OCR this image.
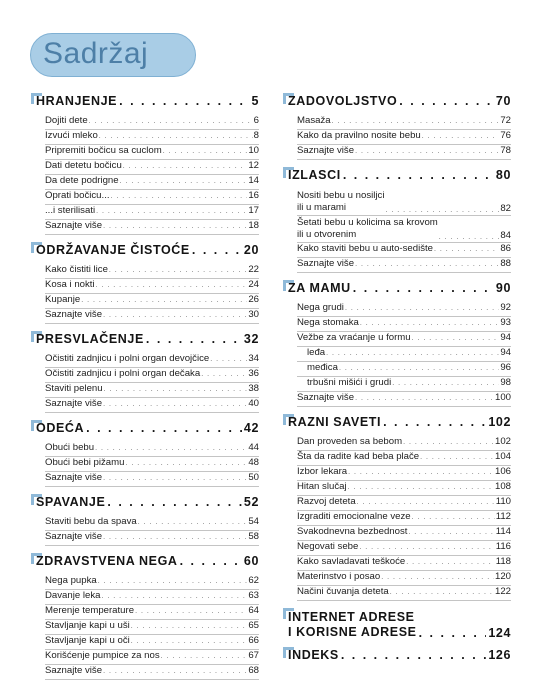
Sadržaj
HRANJENJE . . .	5
Dojiti dete . . .	6
Izvući mleko . . .	8
Pripremiti bočicu sa cuclom . . .	10
Dati detetu bočicu . . .	12
Da dete podrigne . . .	14
Oprati bočicu... . . .	16
...i sterilisati . . .	17
Saznajte više . . .	18
ODRŽAVANJE ČISTOĆE . . .	20
Kako čistiti lice . . .	22
Kosa i nokti . . .	24
Kupanje . . .	26
Saznajte više . . .	30
PRESVLAČENJE . . .	32
Očistiti zadnjicu i polni organ devojčice . . .	34
Očistiti zadnjicu i polni organ dečaka . . .	36
Staviti pelenu . . .	38
Saznajte više . . .	40
ODEĆA . . .	42
Obući bebu . . .	44
Obući bebi pižamu . . .	48
Saznajte više . . .	50
SPAVANJE . . .	52
Staviti bebu da spava . . .	54
Saznajte više . . .	58
ZDRAVSTVENA NEGA . . .	60
Nega pupka . . .	62
Davanje leka . . .	63
Merenje temperature . . .	64
Stavljanje kapi u uši . . .	65
Stavljanje kapi u oči . . .	66
Korišćenje pumpice za nos . . .	67
Saznajte više . . .	68
ZADOVOLJSTVO . . .	70
Masaža . . .	72
Kako da pravilno nosite bebu . . .	76
Saznajte više . . .	78
IZLASCI . . .	80
Nositi bebu u nosiljci
ili u marami . . .	82
Šetati bebu u kolicima sa krovom
ili u otvorenim . . .	84
Kako staviti bebu u auto-sedište . . .	86
Saznajte više . . .	88
ZA MAMU . . .	90
Nega grudi . . .	92
Nega stomaka . . .	93
Vežbe za vraćanje u formu . . .	94
leđa . . .	94
međica . . .	96
trbušni mišići i grudi . . .	98
Saznajte više . . .	100
RAZNI SAVETI . . .	102
Dan proveden sa bebom . . .	102
Šta da radite kad beba plače . . .	104
Izbor lekara . . .	106
Hitan slučaj . . .	108
Razvoj deteta . . .	110
Izgraditi emocionalne veze . . .	112
Svakodnevna bezbednost . . .	114
Negovati sebe . . .	116
Kako savladavati teškoće . . .	118
Materinstvo i posao . . .	120
Načini čuvanja deteta . . .	122
INTERNET ADRESE
I KORISNE ADRESE . . .	124
INDEKS . . .	126
